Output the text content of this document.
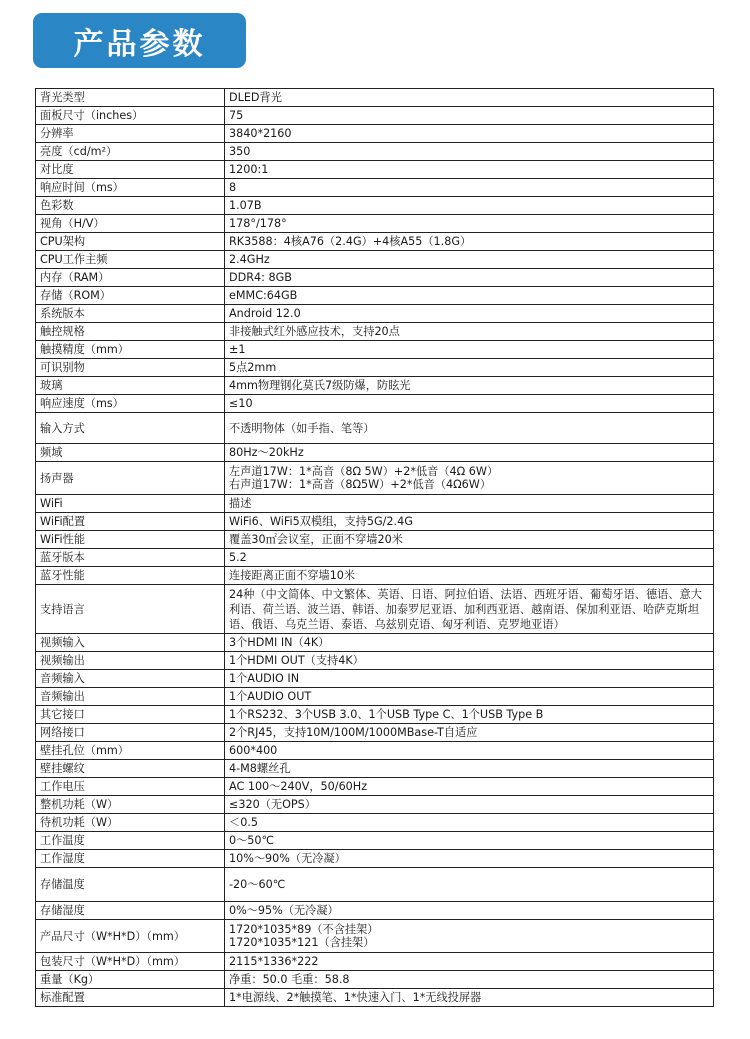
产品参数
背光类型	DLED背光
面板尺寸（inches）	75
分辨率	3840*2160
亮度（cd/m²）	350
对比度	1200:1
响应时间（ms）	8
色彩数	1.07B
视角（H/V）	178°/178°
CPU架构	RK3588：4核A76（2.4G）+4核A55（1.8G）
CPU工作主频	2.4GHz
内存（RAM）	DDR4: 8GB
存储（ROM）	eMMC:64GB
系统版本	Android 12.0
触控规格	非接触式红外感应技术，支持20点
触摸精度（mm）	±1
可识别物	5点2mm
玻璃	4mm物理钢化莫氏7级防爆，防眩光
响应速度（ms）	≤10
输入方式	不透明物体（如手指、笔等）
频域	80Hz～20kHz
扬声器	左声道17W：1*高音（8Ω 5W）+2*低音（4Ω 6W）
右声道17W：1*高音（8Ω5W）+2*低音（4Ω6W）

WiFi	描述
WiFi配置	WiFi6、WiFi5双模组，支持5G/2.4G
WiFi性能	覆盖30㎡会议室，正面不穿墙20米
蓝牙版本	5.2
蓝牙性能	连接距离正面不穿墙10米
支持语言	24种（中文简体、中文繁体、英语、日语、阿拉伯语、法语、西班牙语、葡萄牙语、德语、意大利语、荷兰语、波兰语、韩语、加泰罗尼亚语、加利西亚语、越南语、保加利亚语、哈萨克斯坦语、俄语、乌克兰语、泰语、乌兹别克语、匈牙利语、克罗地亚语）
视频输入	3个HDMI IN（4K）
视频输出	1个HDMI OUT（支持4K）
音频输入	1个AUDIO IN
音频输出	1个AUDIO OUT
其它接口	1个RS232、3个USB 3.0、1个USB Type C、1个USB Type B
网络接口	2个RJ45，支持10M/100M/1000MBase-T自适应
壁挂孔位（mm）	600*400
壁挂螺纹	4-M8螺丝孔
工作电压	AC 100～240V，50/60Hz
整机功耗（W）	≤320（无OPS）
待机功耗（W）	＜0.5
工作温度	0～50℃
工作湿度	10%～90%（无冷凝）
存储温度	-20～60℃
存储湿度	0%～95%（无冷凝）
产品尺寸（W*H*D）（mm）	1720*1035*89（不含挂架）
1720*1035*121（含挂架）

包装尺寸（W*H*D）（mm）	2115*1336*222
重量（Kg）	净重：50.0 毛重：58.8
标准配置	1*电源线、2*触摸笔、1*快速入门、1*无线投屏器
